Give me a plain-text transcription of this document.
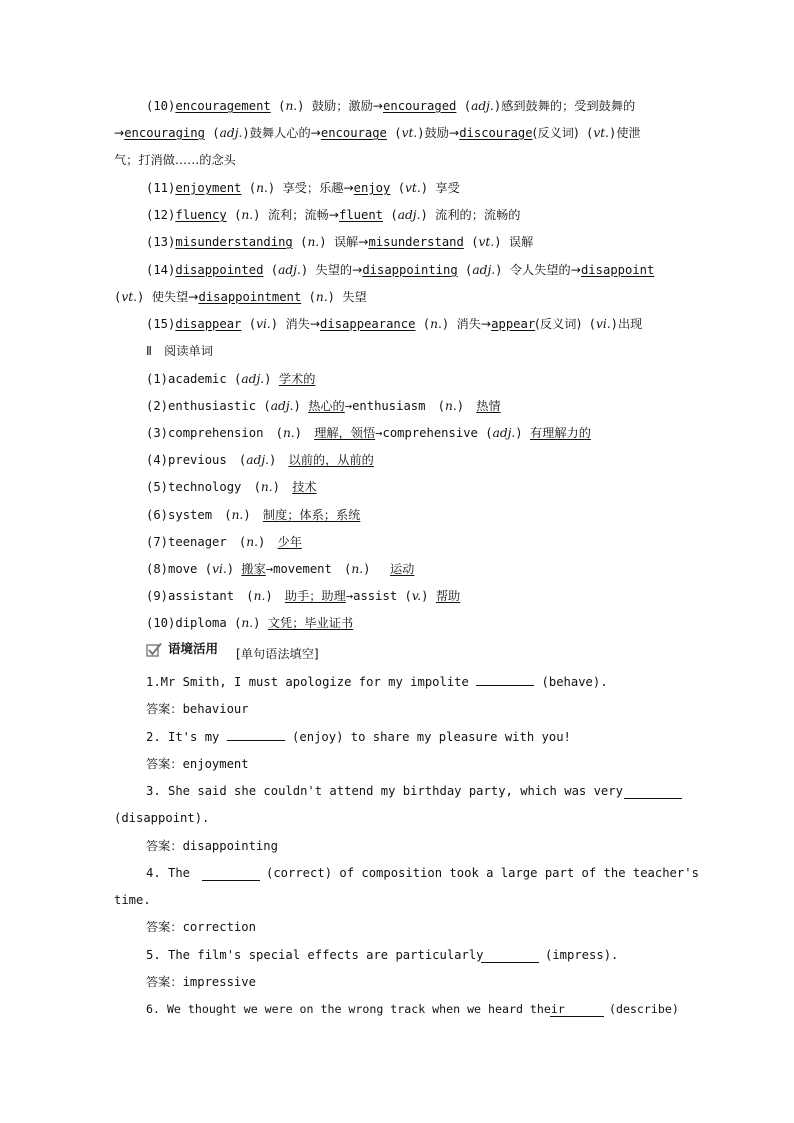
(10)encouragement (n.) 鼓励；激励→encouraged (adj.)感到鼓舞的；受到鼓舞的
→encouraging (adj.)鼓舞人心的→encourage (vt.)鼓励→discourage(反义词) (vt.)使泄
气；打消做……的念头
(11)enjoyment (n.) 享受；乐趣→enjoy (vt.) 享受
(12)fluency (n.) 流利；流畅→fluent (adj.) 流利的；流畅的
(13)misunderstanding (n.) 误解→misunderstand (vt.) 误解
(14)disappointed (adj.) 失望的→disappointing (adj.) 令人失望的→disappoint
(vt.) 使失望→disappointment (n.) 失望
(15)disappear (vi.) 消失→disappearance (n.) 消失→appear(反义词) (vi.)出现
Ⅱ　阅读单词
(1)academic (adj.) 学术的
(2)enthusiastic (adj.) 热心的→enthusiasm　(n.)　热情
(3)comprehension　(n.)　理解，领悟→comprehensive (adj.) 有理解力的
(4)previous　(adj.)　以前的，从前的
(5)technology　(n.)　技术
(6)system　(n.)　制度；体系；系统
(7)teenager　(n.)　少年
(8)move (vi.) 搬家→movement　(n.)　 运动
(9)assistant　(n.)　助手；助理→assist (v.) 帮助
(10)diploma (n.) 文凭；毕业证书
语境活用 [单句语法填空]
1.Mr Smith, I must apologize for my impolite	(behave).
答案：behaviour
2. It's my	(enjoy) to share my pleasure with you!
答案：enjoyment
3. She said she couldn't attend my birthday party, which was very
(disappoint).
答案：disappointing
4. The	(correct) of composition took a large part of the teacher's
time.
答案：correction
5. The film's special effects are particularly	(impress).
答案：impressive
6. We thought we were on the wrong track when we heard their	(describe)
